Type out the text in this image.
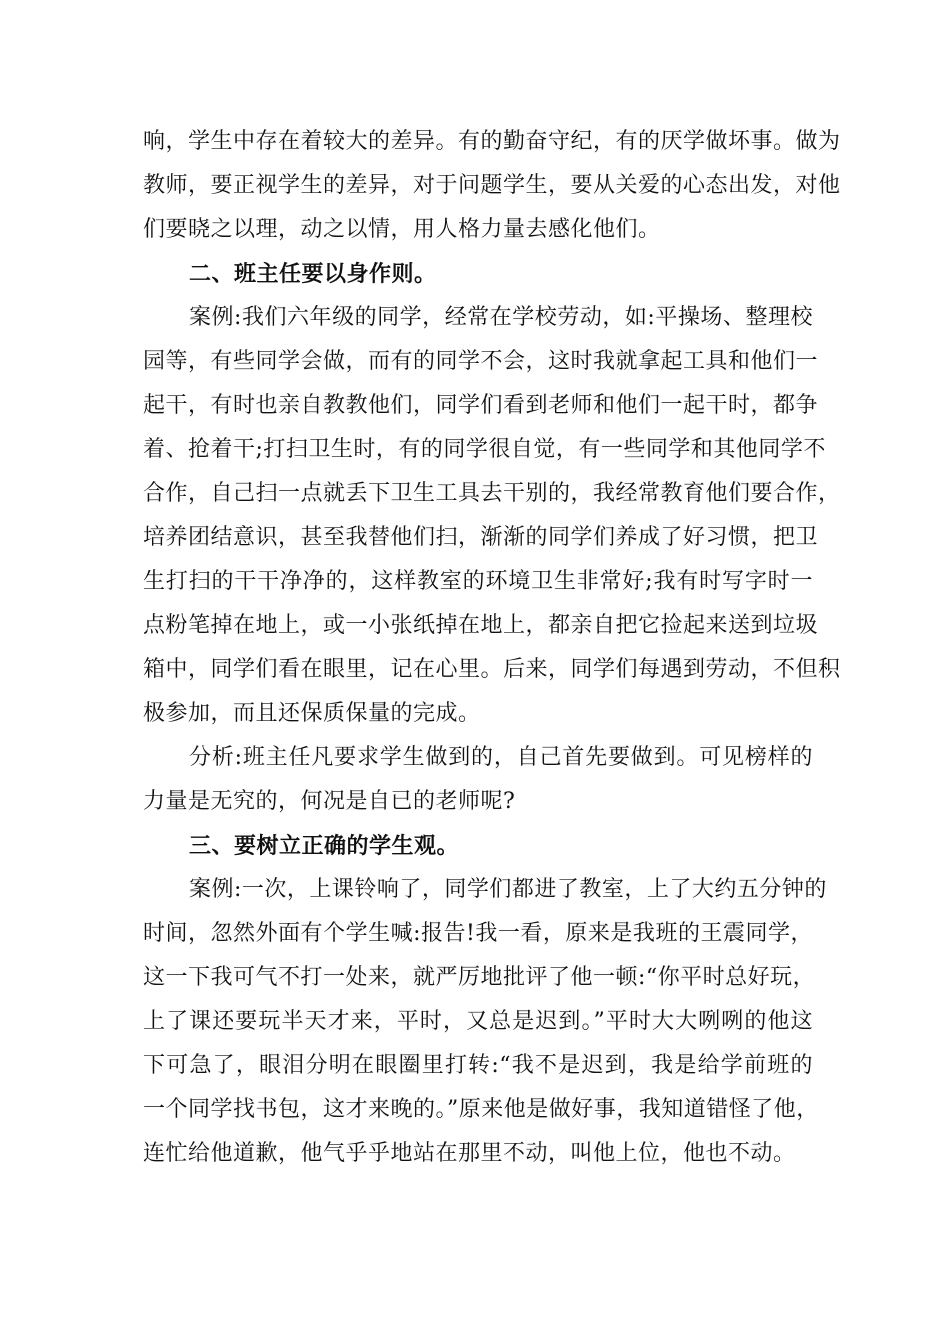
响，学生中存在着较大的差异。有的勤奋守纪，有的厌学做坏事。做为
教师，要正视学生的差异，对于问题学生，要从关爱的心态出发，对他
们要晓之以理，动之以情，用人格力量去感化他们。
二、班主任要以身作则。
案例:我们六年级的同学，经常在学校劳动，如:平操场、整理校
园等，有些同学会做，而有的同学不会，这时我就拿起工具和他们一
起干，有时也亲自教教他们，同学们看到老师和他们一起干时，都争
着、抢着干;打扫卫生时，有的同学很自觉，有一些同学和其他同学不
合作，自己扫一点就丢下卫生工具去干别的，我经常教育他们要合作，
培养团结意识，甚至我替他们扫，渐渐的同学们养成了好习惯，把卫
生打扫的干干净净的，这样教室的环境卫生非常好;我有时写字时一
点粉笔掉在地上，或一小张纸掉在地上，都亲自把它捡起来送到垃圾
箱中，同学们看在眼里，记在心里。后来，同学们每遇到劳动，不但积
极参加，而且还保质保量的完成。
分析:班主任凡要求学生做到的，自己首先要做到。可见榜样的
力量是无究的，何况是自已的老师呢?
三、要树立正确的学生观。
案例:一次，上课铃响了，同学们都进了教室，上了大约五分钟的
时间，忽然外面有个学生喊:报告!我一看，原来是我班的王震同学，
这一下我可气不打一处来，就严厉地批评了他一顿:“你平时总好玩，
上了课还要玩半天才来，平时，又总是迟到。”平时大大咧咧的他这
下可急了，眼泪分明在眼圈里打转:“我不是迟到，我是给学前班的
一个同学找书包，这才来晚的。”原来他是做好事，我知道错怪了他，
连忙给他道歉，他气乎乎地站在那里不动，叫他上位，他也不动。
